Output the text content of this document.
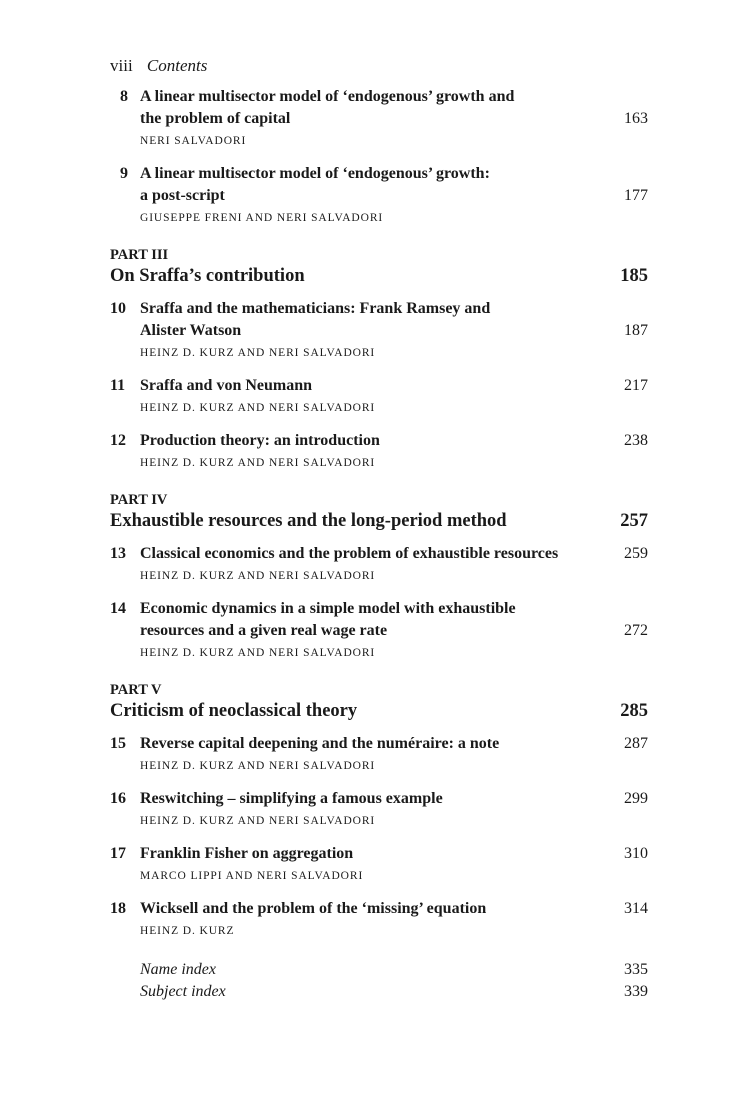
viii Contents
8 A linear multisector model of ‘endogenous’ growth and
the problem of capital	163
NERI SALVADORI
9 A linear multisector model of ‘endogenous’ growth:
a post-script	177
GIUSEPPE FRENI AND NERI SALVADORI
PART III
On Sraffa’s contribution	185
10 Sraffa and the mathematicians: Frank Ramsey and
Alister Watson	187
HEINZ D. KURZ AND NERI SALVADORI
11 Sraffa and von Neumann	217
HEINZ D. KURZ AND NERI SALVADORI
12 Production theory: an introduction	238
HEINZ D. KURZ AND NERI SALVADORI
PART IV
Exhaustible resources and the long-period method	257
13 Classical economics and the problem of exhaustible resources	259
HEINZ D. KURZ AND NERI SALVADORI
14 Economic dynamics in a simple model with exhaustible
resources and a given real wage rate	272
HEINZ D. KURZ AND NERI SALVADORI
PART V
Criticism of neoclassical theory	285
15 Reverse capital deepening and the numéraire: a note	287
HEINZ D. KURZ AND NERI SALVADORI
16 Reswitching – simplifying a famous example	299
HEINZ D. KURZ AND NERI SALVADORI
17 Franklin Fisher on aggregation	310
MARCO LIPPI AND NERI SALVADORI
18 Wicksell and the problem of the ‘missing’ equation	314
HEINZ D. KURZ
Name index	335
Subject index	339
